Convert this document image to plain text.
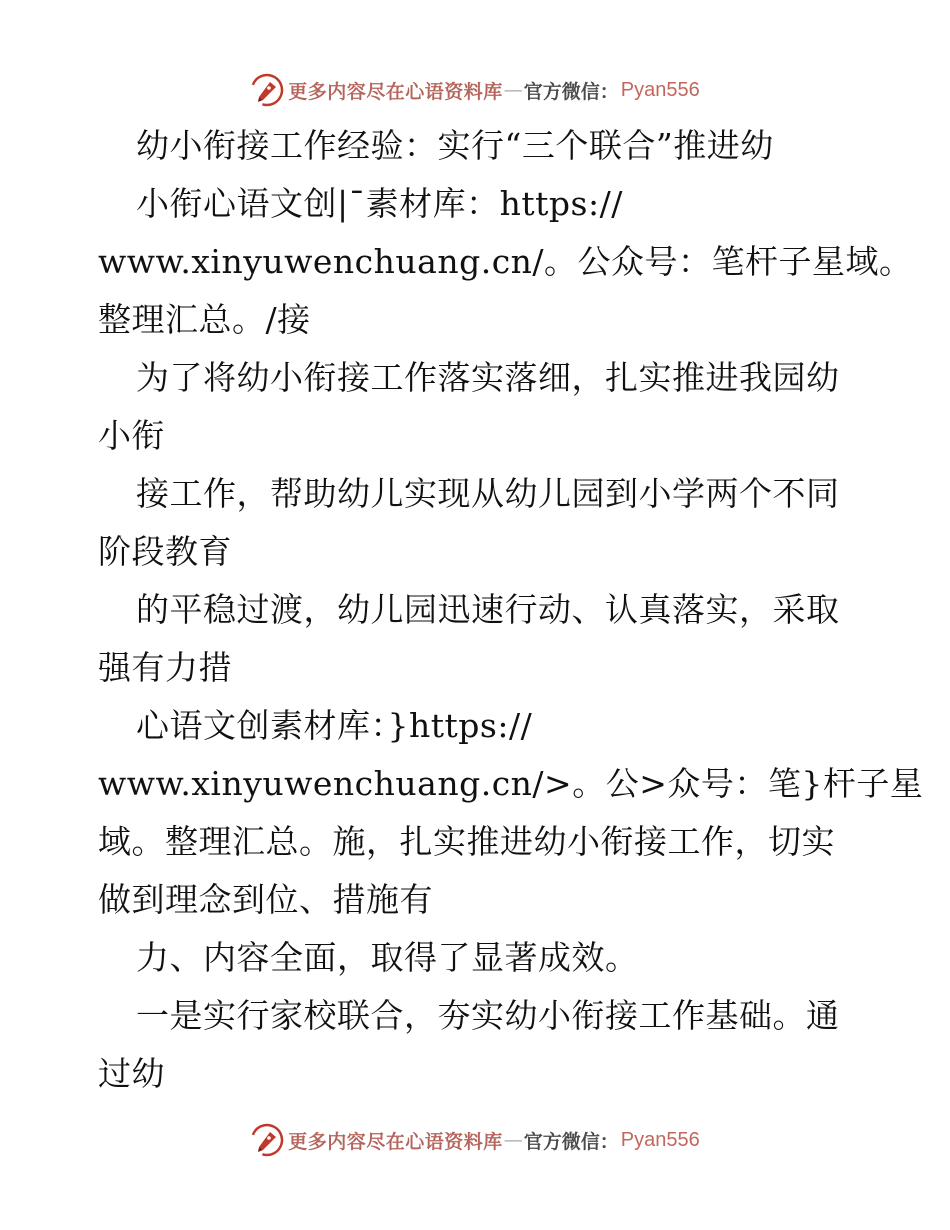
更多内容尽在心语资料库 — 官方微信： Pyan556
幼小衔接工作经验：实行“三个联合”推进幼
小衔心语文创|¯素材库：https://
www.xinyuwenchuang.cn/。公众号：笔杆子星域。
整理汇总。/接
为了将幼小衔接工作落实落细，扎实推进我园幼
小衔
接工作，帮助幼儿实现从幼儿园到小学两个不同
阶段教育
的平稳过渡，幼儿园迅速行动、认真落实，采取
强有力措
心语文创素材库：}https://
www.xinyuwenchuang.cn/>。公>众号：笔}杆子星
域。整理汇总。施，扎实推进幼小衔接工作，切实
做到理念到位、措施有
力、内容全面，取得了显著成效。
一是实行家校联合，夯实幼小衔接工作基础。通
过幼
更多内容尽在心语资料库 — 官方微信： Pyan556
